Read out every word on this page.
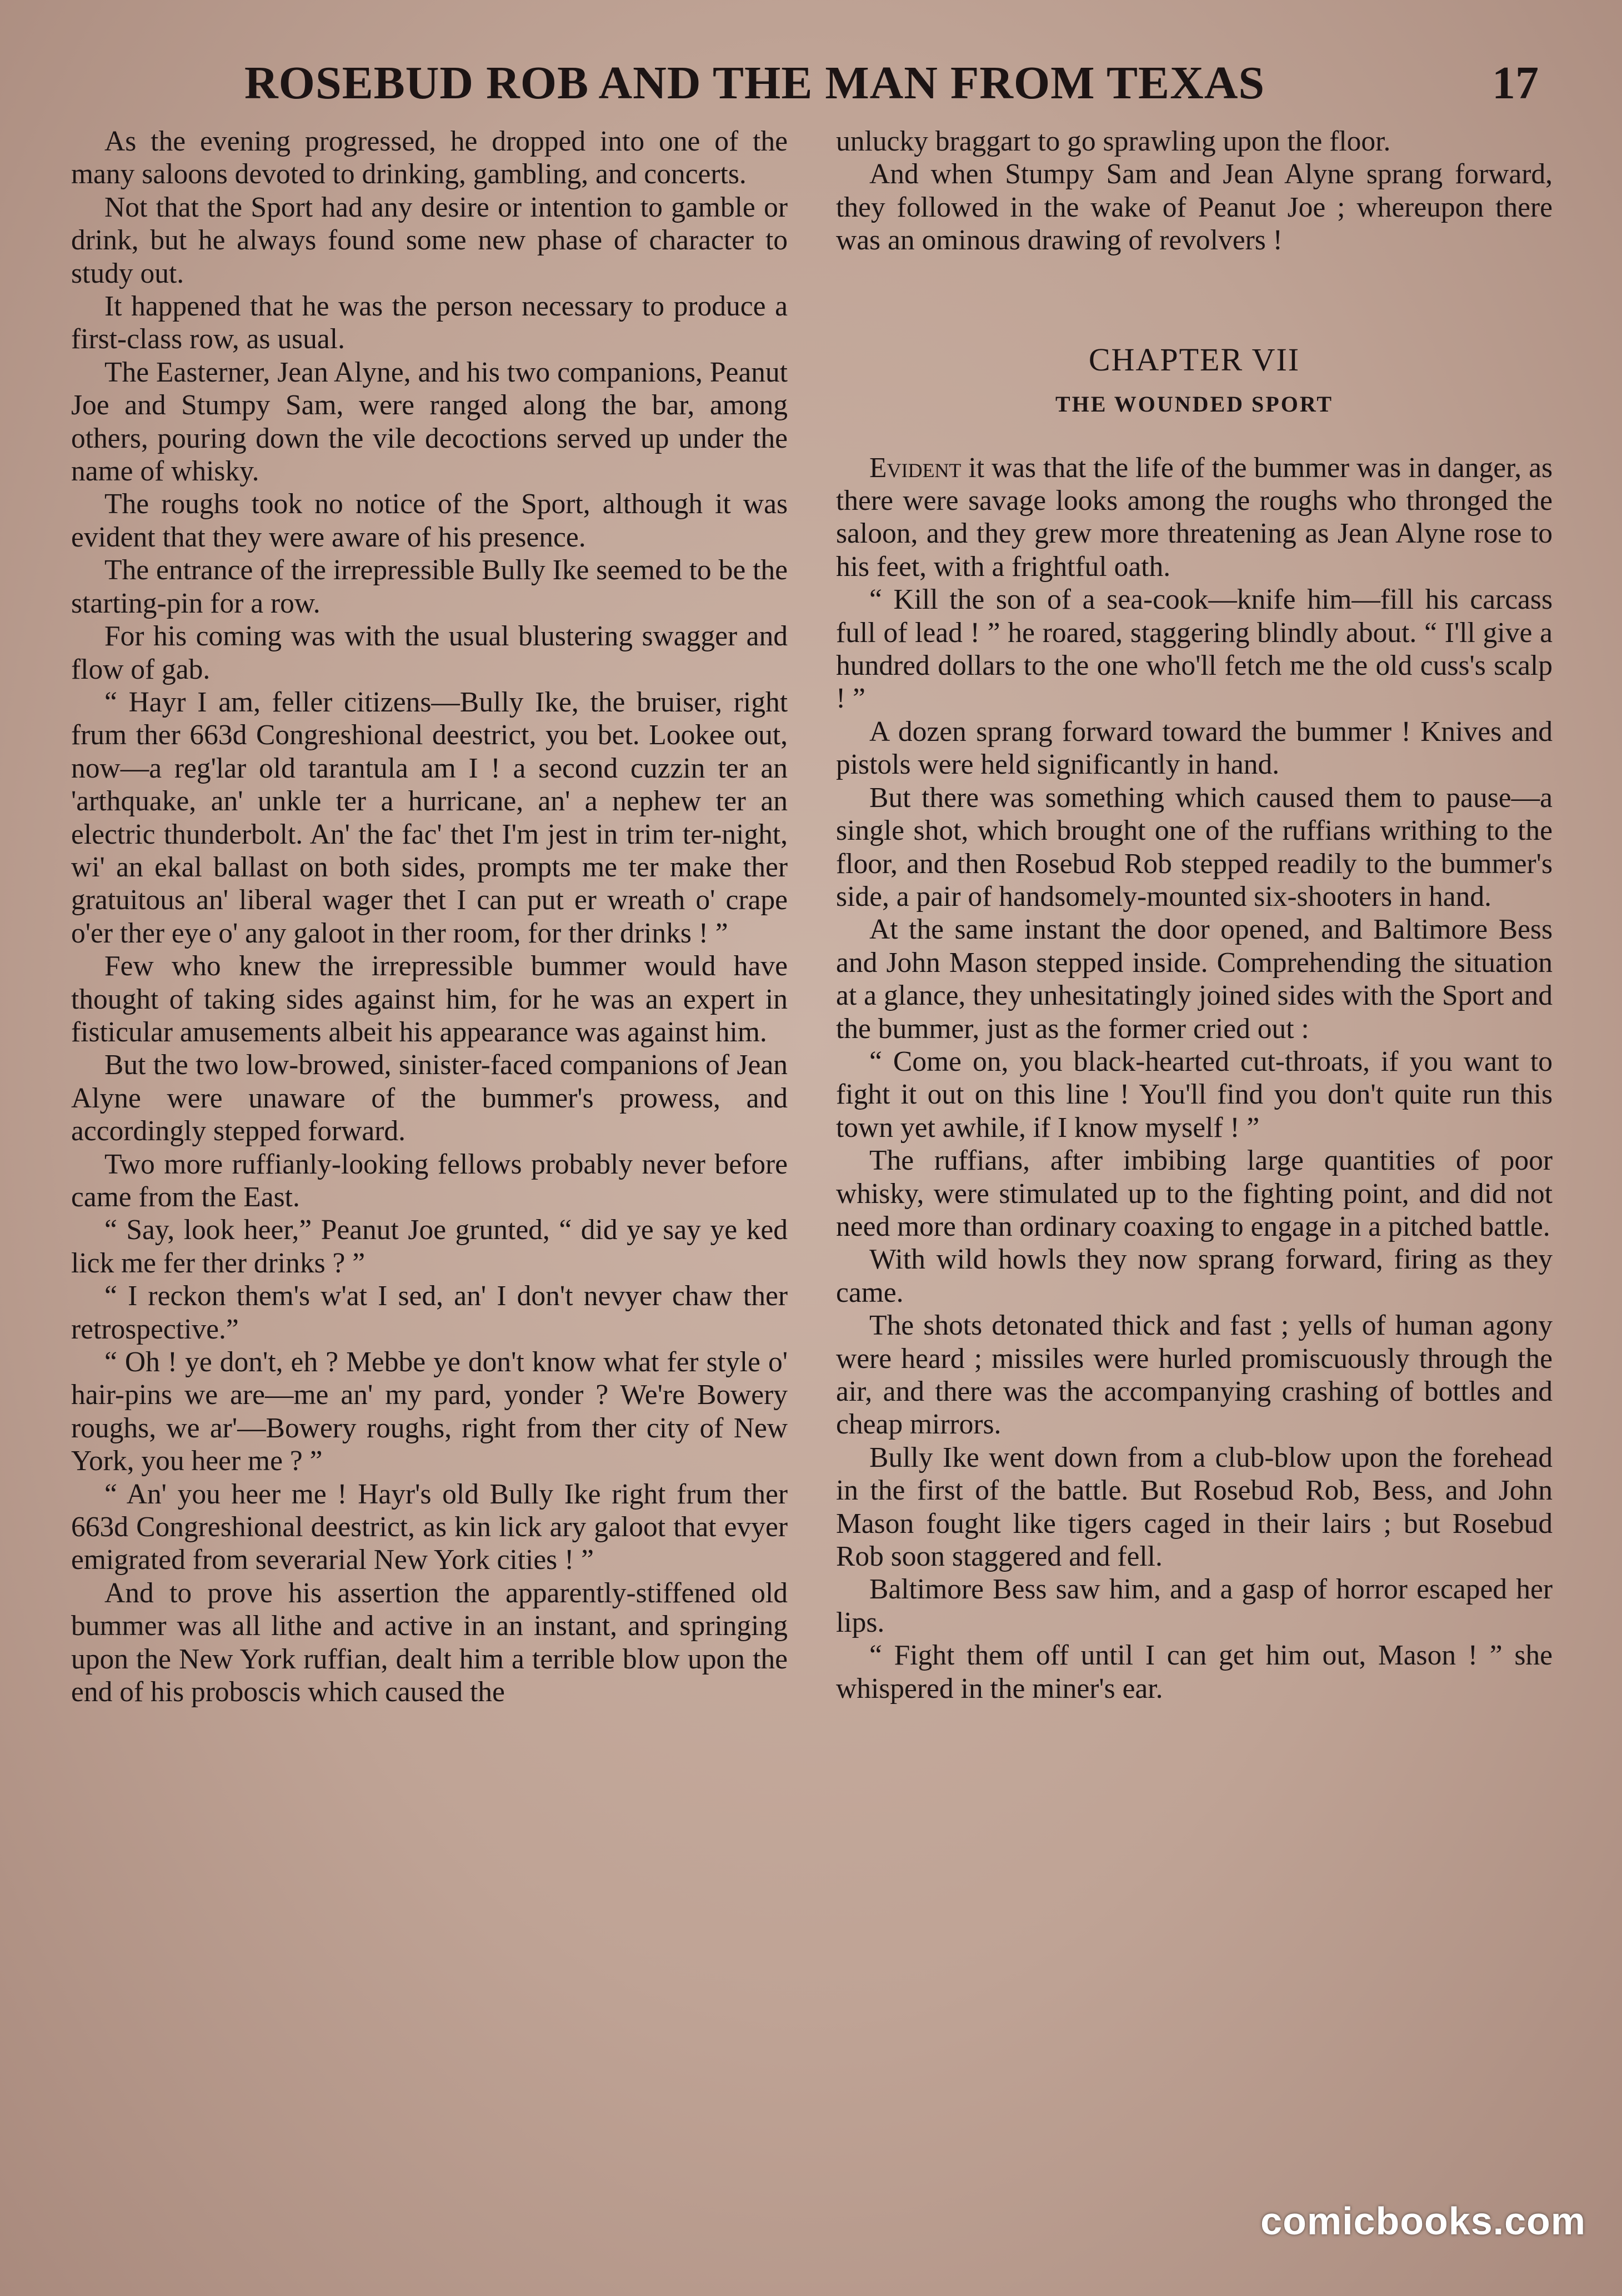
ROSEBUD ROB AND THE MAN FROM TEXAS	17

As the evening progressed, he dropped into one of the many saloons devoted to drinking, gambling, and concerts.

Not that the Sport had any desire or intention to gamble or drink, but he always found some new phase of character to study out.

It happened that he was the person necessary to produce a first-class row, as usual.

The Easterner, Jean Alyne, and his two companions, Peanut Joe and Stumpy Sam, were ranged along the bar, among others, pouring down the vile decoctions served up under the name of whisky.

The roughs took no notice of the Sport, although it was evident that they were aware of his presence.

The entrance of the irrepressible Bully Ike seemed to be the starting-pin for a row.

For his coming was with the usual blustering swagger and flow of gab.

“ Hayr I am, feller citizens—Bully Ike, the bruiser, right frum ther 663d Congreshional deestrict, you bet. Lookee out, now—a reg'lar old tarantula am I ! a second cuzzin ter an 'arthquake, an' unkle ter a hurricane, an' a nephew ter an electric thunderbolt. An' the fac' thet I'm jest in trim ter-night, wi' an ekal ballast on both sides, prompts me ter make ther gratuitous an' liberal wager thet I can put er wreath o' crape o'er ther eye o' any galoot in ther room, for ther drinks ! ”

Few who knew the irrepressible bummer would have thought of taking sides against him, for he was an expert in fisticular amusements albeit his appearance was against him.

But the two low-browed, sinister-faced companions of Jean Alyne were unaware of the bummer's prowess, and accordingly stepped forward.

Two more ruffianly-looking fellows probably never before came from the East.

“ Say, look heer,” Peanut Joe grunted, “ did ye say ye ked lick me fer ther drinks ? ”

“ I reckon them's w'at I sed, an' I don't nevyer chaw ther retrospective.”

“ Oh ! ye don't, eh ? Mebbe ye don't know what fer style o' hair-pins we are—me an' my pard, yonder ? We're Bowery roughs, we ar'—Bowery roughs, right from ther city of New York, you heer me ? ”

“ An' you heer me ! Hayr's old Bully Ike right frum ther 663d Congreshional deestrict, as kin lick ary galoot that evyer emigrated from severarial New York cities ! ”

And to prove his assertion the apparently-stiffened old bummer was all lithe and active in an instant, and springing upon the New York ruffian, dealt him a terrible blow upon the end of his proboscis which caused the

unlucky braggart to go sprawling upon the floor.

And when Stumpy Sam and Jean Alyne sprang forward, they followed in the wake of Peanut Joe ; whereupon there was an ominous drawing of revolvers !

CHAPTER VII
THE WOUNDED SPORT

Evident it was that the life of the bummer was in danger, as there were savage looks among the roughs who thronged the saloon, and they grew more threatening as Jean Alyne rose to his feet, with a frightful oath.

“ Kill the son of a sea-cook—knife him—fill his carcass full of lead ! ” he roared, staggering blindly about. “ I'll give a hundred dollars to the one who'll fetch me the old cuss's scalp ! ”

A dozen sprang forward toward the bummer ! Knives and pistols were held significantly in hand.

But there was something which caused them to pause—a single shot, which brought one of the ruffians writhing to the floor, and then Rosebud Rob stepped readily to the bummer's side, a pair of handsomely-mounted six-shooters in hand.

At the same instant the door opened, and Baltimore Bess and John Mason stepped inside. Comprehending the situation at a glance, they unhesitatingly joined sides with the Sport and the bummer, just as the former cried out :

“ Come on, you black-hearted cut-throats, if you want to fight it out on this line ! You'll find you don't quite run this town yet awhile, if I know myself ! ”

The ruffians, after imbibing large quantities of poor whisky, were stimulated up to the fighting point, and did not need more than ordinary coaxing to engage in a pitched battle.

With wild howls they now sprang forward, firing as they came.

The shots detonated thick and fast ; yells of human agony were heard ; missiles were hurled promiscuously through the air, and there was the accompanying crashing of bottles and cheap mirrors.

Bully Ike went down from a club-blow upon the forehead in the first of the battle. But Rosebud Rob, Bess, and John Mason fought like tigers caged in their lairs ; but Rosebud Rob soon staggered and fell.

Baltimore Bess saw him, and a gasp of horror escaped her lips.

“ Fight them off until I can get him out, Mason ! ” she whispered in the miner's ear.

comicbooks.com
